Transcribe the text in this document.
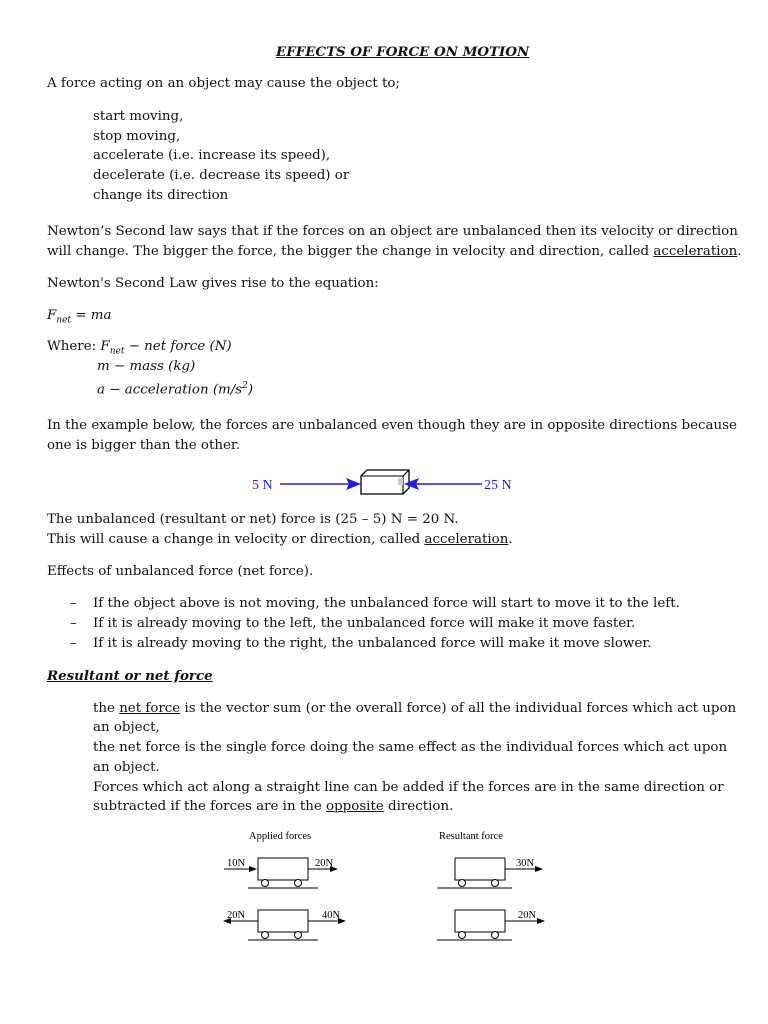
EFFECTS OF FORCE ON MOTION
A force acting on an object may cause the object to;
start moving,
stop moving,
accelerate (i.e. increase its speed),
decelerate (i.e. decrease its speed) or
change its direction
Newton’s Second law says that if the forces on an object are unbalanced then its velocity or direction
will change. The bigger the force, the bigger the change in velocity and direction, called acceleration.
Newton's Second Law gives rise to the equation:
$F_{net}$ = ma
Where: $F_{net}$ − net force (N)
m − mass (kg)
a − acceleration $(m/s^2)$
In the example below, the forces are unbalanced even though they are in opposite directions because
one is bigger than the other.
5 N	25 N
The unbalanced (resultant or net) force is (25 – 5) N = 20 N.
This will cause a change in velocity or direction, called acceleration.
Effects of unbalanced force (net force).
– If the object above is not moving, the unbalanced force will start to move it to the left.
– If it is already moving to the left, the unbalanced force will make it move faster.
– If it is already moving to the right, the unbalanced force will make it move slower.
Resultant or net force
the net force is the vector sum (or the overall force) of all the individual forces which act upon
an object,
the net force is the single force doing the same effect as the individual forces which act upon
an object.
Forces which act along a straight line can be added if the forces are in the same direction or
subtracted if the forces are in the opposite direction.
Applied forces	Resultant force
10N	20N	30N
20N	40N	20N
